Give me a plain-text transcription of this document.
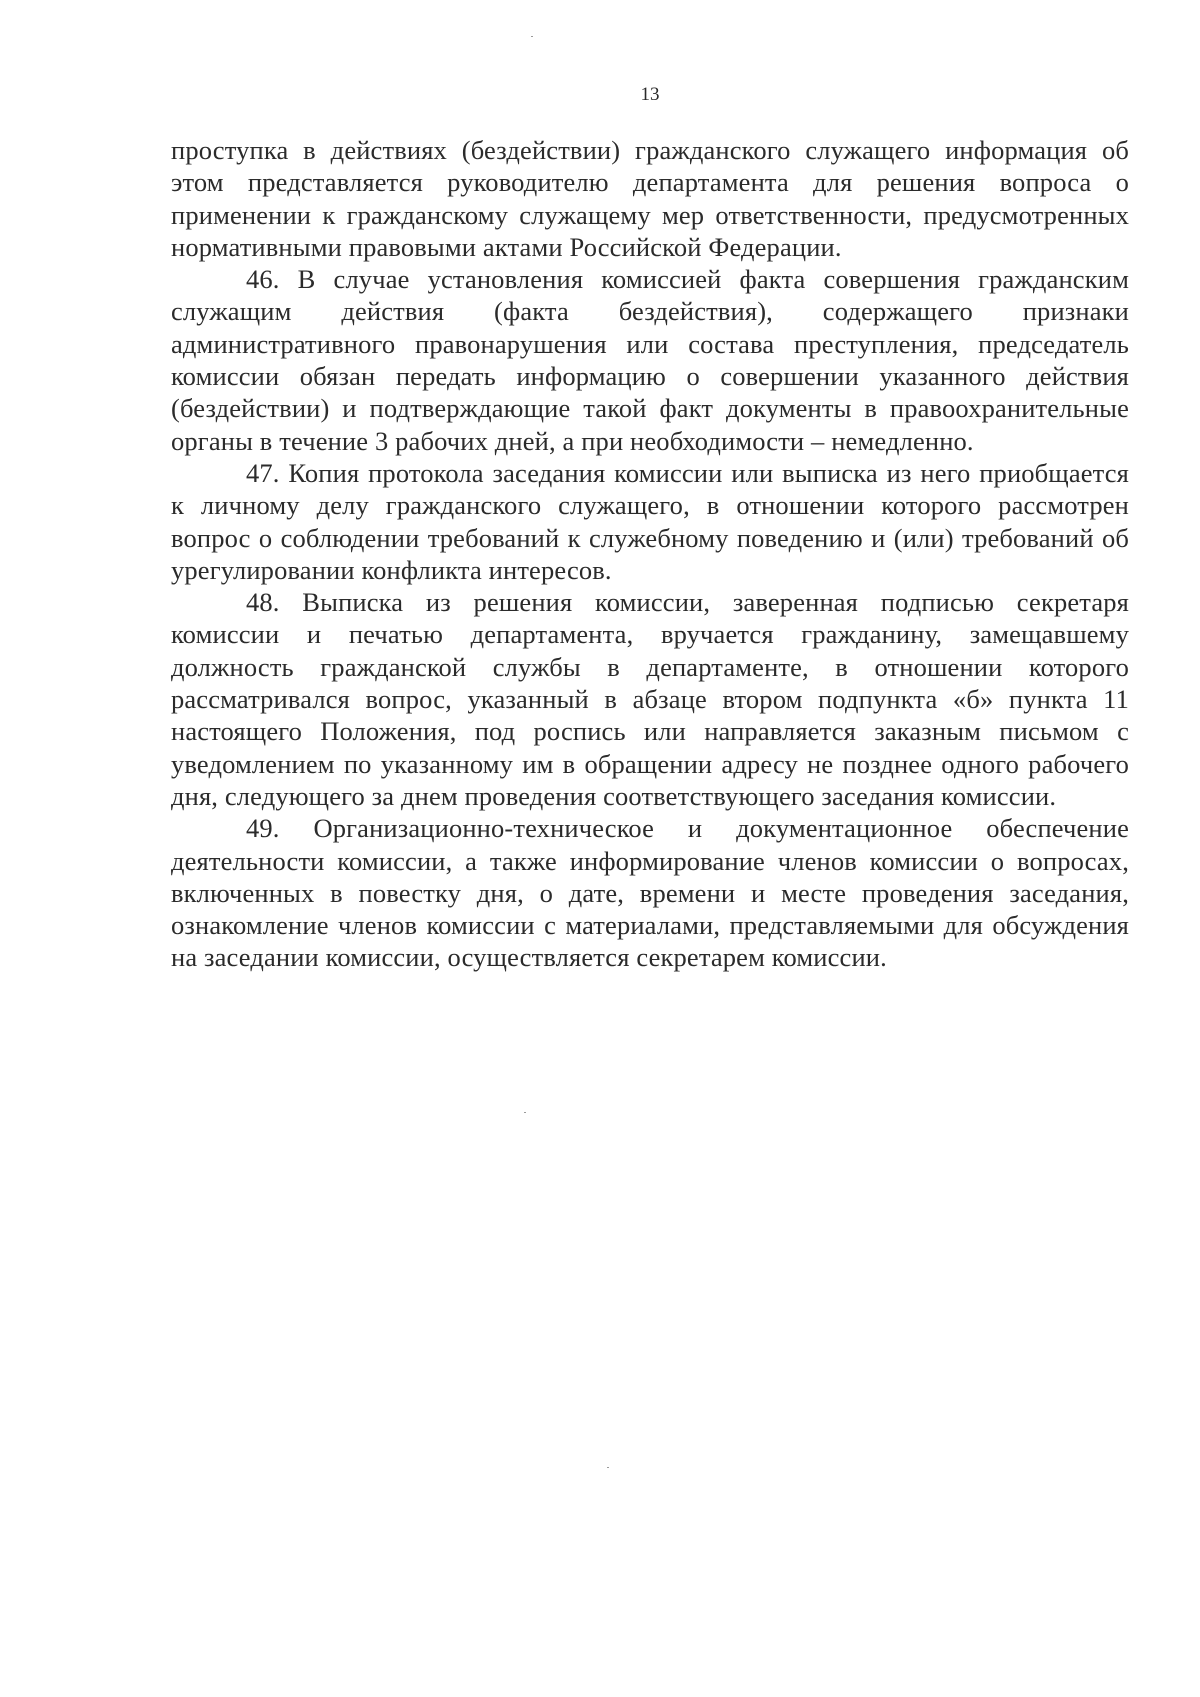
13

проступка в действиях (бездействии) гражданского служащего информация об этом представляется руководителю департамента для решения вопроса о применении к гражданскому служащему мер ответственности, предусмотренных нормативными правовыми актами Российской Федерации.

46. В случае установления комиссией факта совершения гражданским служащим действия (факта бездействия), содержащего признаки административного правонарушения или состава преступления, председатель комиссии обязан передать информацию о совершении указанного действия (бездействии) и подтверждающие такой факт документы в правоохранительные органы в течение 3 рабочих дней, а при необходимости – немедленно.

47. Копия протокола заседания комиссии или выписка из него приобщается к личному делу гражданского служащего, в отношении которого рассмотрен вопрос о соблюдении требований к служебному поведению и (или) требований об урегулировании конфликта интересов.

48. Выписка из решения комиссии, заверенная подписью секретаря комиссии и печатью департамента, вручается гражданину, замещавшему должность гражданской службы в департаменте, в отношении которого рассматривался вопрос, указанный в абзаце втором подпункта «б» пункта 11 настоящего Положения, под роспись или направляется заказным письмом с уведомлением по указанному им в обращении адресу не позднее одного рабочего дня, следующего за днем проведения соответствующего заседания комиссии.

49. Организационно-техническое и документационное обеспечение деятельности комиссии, а также информирование членов комиссии о вопросах, включенных в повестку дня, о дате, времени и месте проведения заседания, ознакомление членов комиссии с материалами, представляемыми для обсуждения на заседании комиссии, осуществляется секретарем комиссии.
